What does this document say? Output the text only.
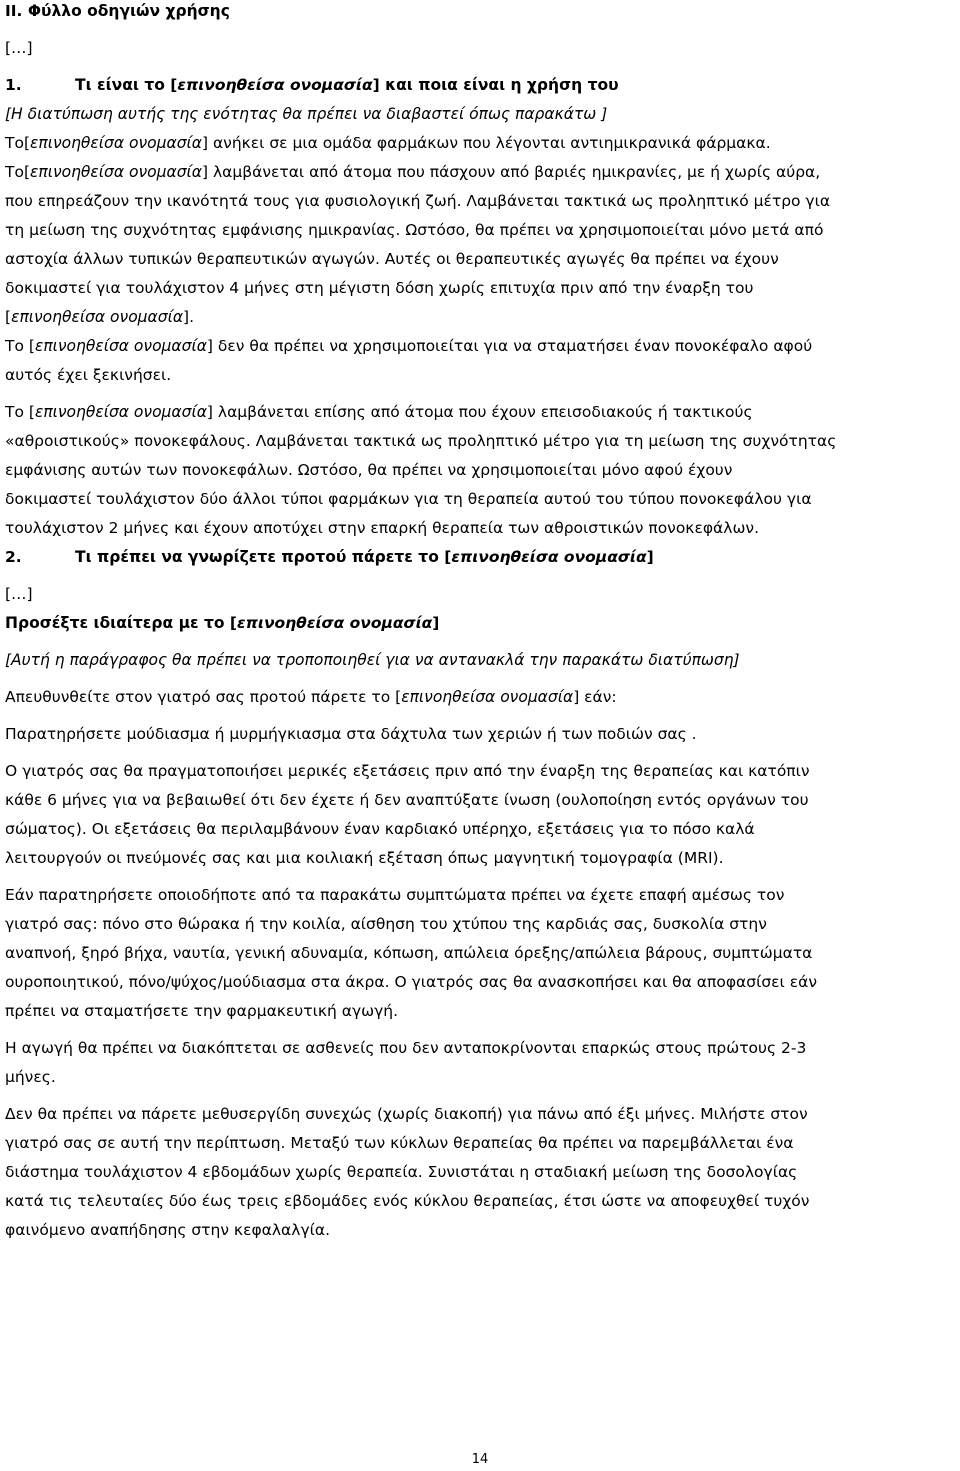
II. Φύλλο οδηγιών χρήσης

[…]

1.	Τι είναι το [επινοηθείσα ονομασία] και ποια είναι η χρήση του

[Η διατύπωση αυτής της ενότητας θα πρέπει να διαβαστεί όπως παρακάτω ]

Το[επινοηθείσα ονομασία] ανήκει σε μια ομάδα φαρμάκων που λέγονται αντιημικρανικά φάρμακα.

Το[επινοηθείσα ονομασία] λαμβάνεται από άτομα που πάσχουν από βαριές ημικρανίες, με ή χωρίς αύρα,

που επηρεάζουν την ικανότητά τους για φυσιολογική ζωή. Λαμβάνεται τακτικά ως προληπτικό μέτρο για

τη μείωση της συχνότητας εμφάνισης ημικρανίας. Ωστόσο, θα πρέπει να χρησιμοποιείται μόνο μετά από

αστοχία άλλων τυπικών θεραπευτικών αγωγών. Αυτές οι θεραπευτικές αγωγές θα πρέπει να έχουν

δοκιμαστεί για τουλάχιστον 4 μήνες στη μέγιστη δόση χωρίς επιτυχία πριν από την έναρξη του

[επινοηθείσα ονομασία].

Το [επινοηθείσα ονομασία] δεν θα πρέπει να χρησιμοποιείται για να σταματήσει έναν πονοκέφαλο αφού

αυτός έχει ξεκινήσει.

Το [επινοηθείσα ονομασία] λαμβάνεται επίσης από άτομα που έχουν επεισοδιακούς ή τακτικούς

«αθροιστικούς» πονοκεφάλους. Λαμβάνεται τακτικά ως προληπτικό μέτρο για τη μείωση της συχνότητας

εμφάνισης αυτών των πονοκεφάλων. Ωστόσο, θα πρέπει να χρησιμοποιείται μόνο αφού έχουν

δοκιμαστεί τουλάχιστον δύο άλλοι τύποι φαρμάκων για τη θεραπεία αυτού του τύπου πονοκεφάλου για

τουλάχιστον 2 μήνες και έχουν αποτύχει στην επαρκή θεραπεία των αθροιστικών πονοκεφάλων.

2.	Τι πρέπει να γνωρίζετε προτού πάρετε το [επινοηθείσα ονομασία]

[…]

Προσέξτε ιδιαίτερα με το [επινοηθείσα ονομασία]

[Αυτή η παράγραφος θα πρέπει να τροποποιηθεί για να αντανακλά την παρακάτω διατύπωση]

Απευθυνθείτε στον γιατρό σας προτού πάρετε το [επινοηθείσα ονομασία] εάν:

Παρατηρήσετε μούδιασμα ή μυρμήγκιασμα στα δάχτυλα των χεριών ή των ποδιών σας .

Ο γιατρός σας θα πραγματοποιήσει μερικές εξετάσεις πριν από την έναρξη της θεραπείας και κατόπιν

κάθε 6 μήνες για να βεβαιωθεί ότι δεν έχετε ή δεν αναπτύξατε ίνωση (ουλοποίηση εντός οργάνων του

σώματος). Οι εξετάσεις θα περιλαμβάνουν έναν καρδιακό υπέρηχο, εξετάσεις για το πόσο καλά

λειτουργούν οι πνεύμονές σας και μια κοιλιακή εξέταση όπως μαγνητική τομογραφία (MRI).

Εάν παρατηρήσετε οποιοδήποτε από τα παρακάτω συμπτώματα πρέπει να έχετε επαφή αμέσως τον

γιατρό σας: πόνο στο θώρακα ή την κοιλία, αίσθηση του χτύπου της καρδιάς σας, δυσκολία στην

αναπνοή, ξηρό βήχα, ναυτία, γενική αδυναμία, κόπωση, απώλεια όρεξης/απώλεια βάρους, συμπτώματα

ουροποιητικού, πόνο/ψύχος/μούδιασμα στα άκρα. Ο γιατρός σας θα ανασκοπήσει και θα αποφασίσει εάν

πρέπει να σταματήσετε την φαρμακευτική αγωγή.

Η αγωγή θα πρέπει να διακόπτεται σε ασθενείς που δεν ανταποκρίνονται επαρκώς στους πρώτους 2-3

μήνες.

Δεν θα πρέπει να πάρετε μεθυσεργίδη συνεχώς (χωρίς διακοπή) για πάνω από έξι μήνες. Μιλήστε στον

γιατρό σας σε αυτή την περίπτωση. Μεταξύ των κύκλων θεραπείας θα πρέπει να παρεμβάλλεται ένα

διάστημα τουλάχιστον 4 εβδομάδων χωρίς θεραπεία. Συνιστάται η σταδιακή μείωση της δοσολογίας

κατά τις τελευταίες δύο έως τρεις εβδομάδες ενός κύκλου θεραπείας, έτσι ώστε να αποφευχθεί τυχόν

φαινόμενο αναπήδησης στην κεφαλαλγία.

14
